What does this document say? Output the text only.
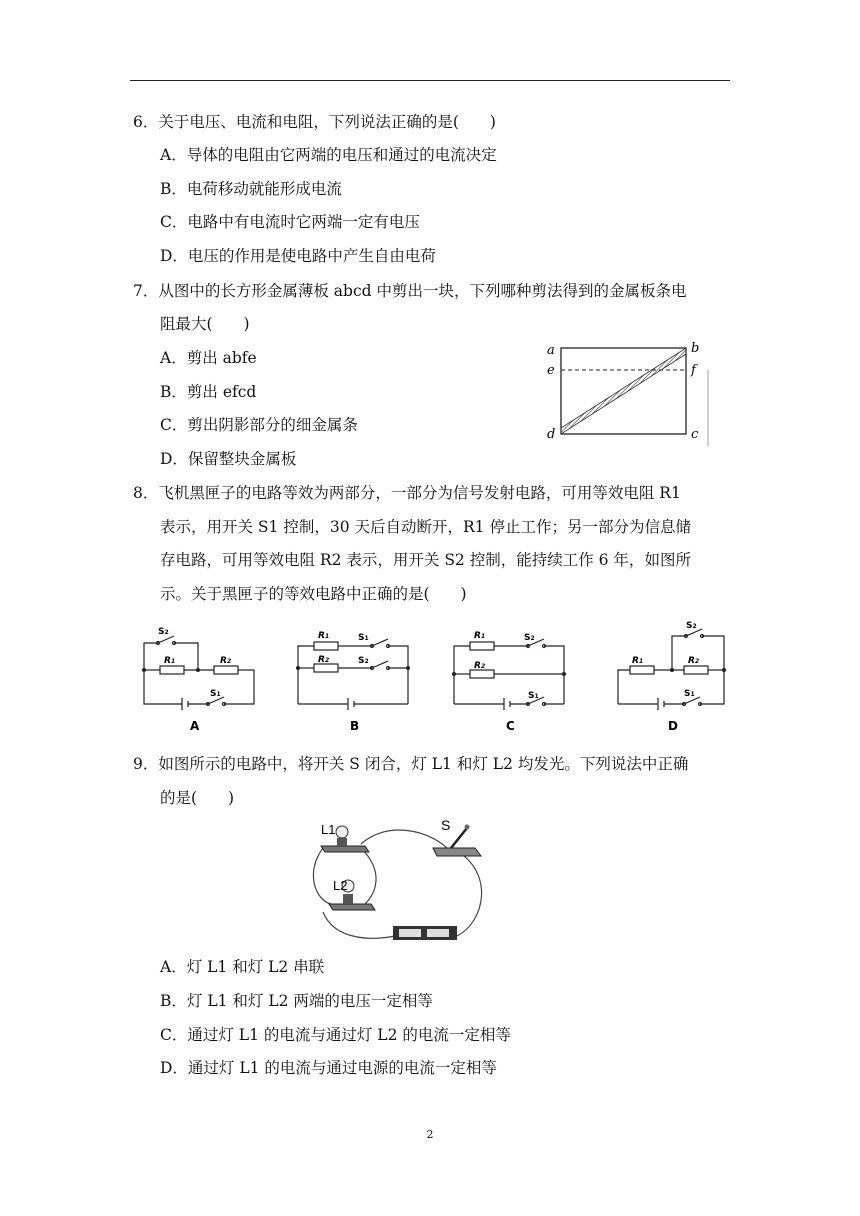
6．关于电压、电流和电阻，下列说法正确的是(　　)
A．导体的电阻由它两端的电压和通过的电流决定
B．电荷移动就能形成电流
C．电路中有电流时它两端一定有电压
D．电压的作用是使电路中产生自由电荷
7．从图中的长方形金属薄板 abcd 中剪出一块，下列哪种剪法得到的金属板条电
阻最大(　　)
A．剪出 abfe
B．剪出 efcd
C．剪出阴影部分的细金属条
D．保留整块金属板
a	b
e	f
d	c
8．飞机黑匣子的电路等效为两部分，一部分为信号发射电路，可用等效电阻 R1
表示，用开关 S1 控制，30 天后自动断开，R1 停止工作；另一部分为信息储
存电路，可用等效电阻 R2 表示，用开关 S2 控制，能持续工作 6 年，如图所
示。关于黑匣子的等效电路中正确的是(　　)
S2
R1	R2
S1
A
R1	S1
R2	S2
B
R1	S2
R2
S1
C
S2
R1	R2
S1
D
9．如图所示的电路中，将开关 S 闭合，灯 L1 和灯 L2 均发光。下列说法中正确
的是(　　)
L1
L2
S
A．灯 L1 和灯 L2 串联
B．灯 L1 和灯 L2 两端的电压一定相等
C．通过灯 L1 的电流与通过灯 L2 的电流一定相等
D．通过灯 L1 的电流与通过电源的电流一定相等
2
